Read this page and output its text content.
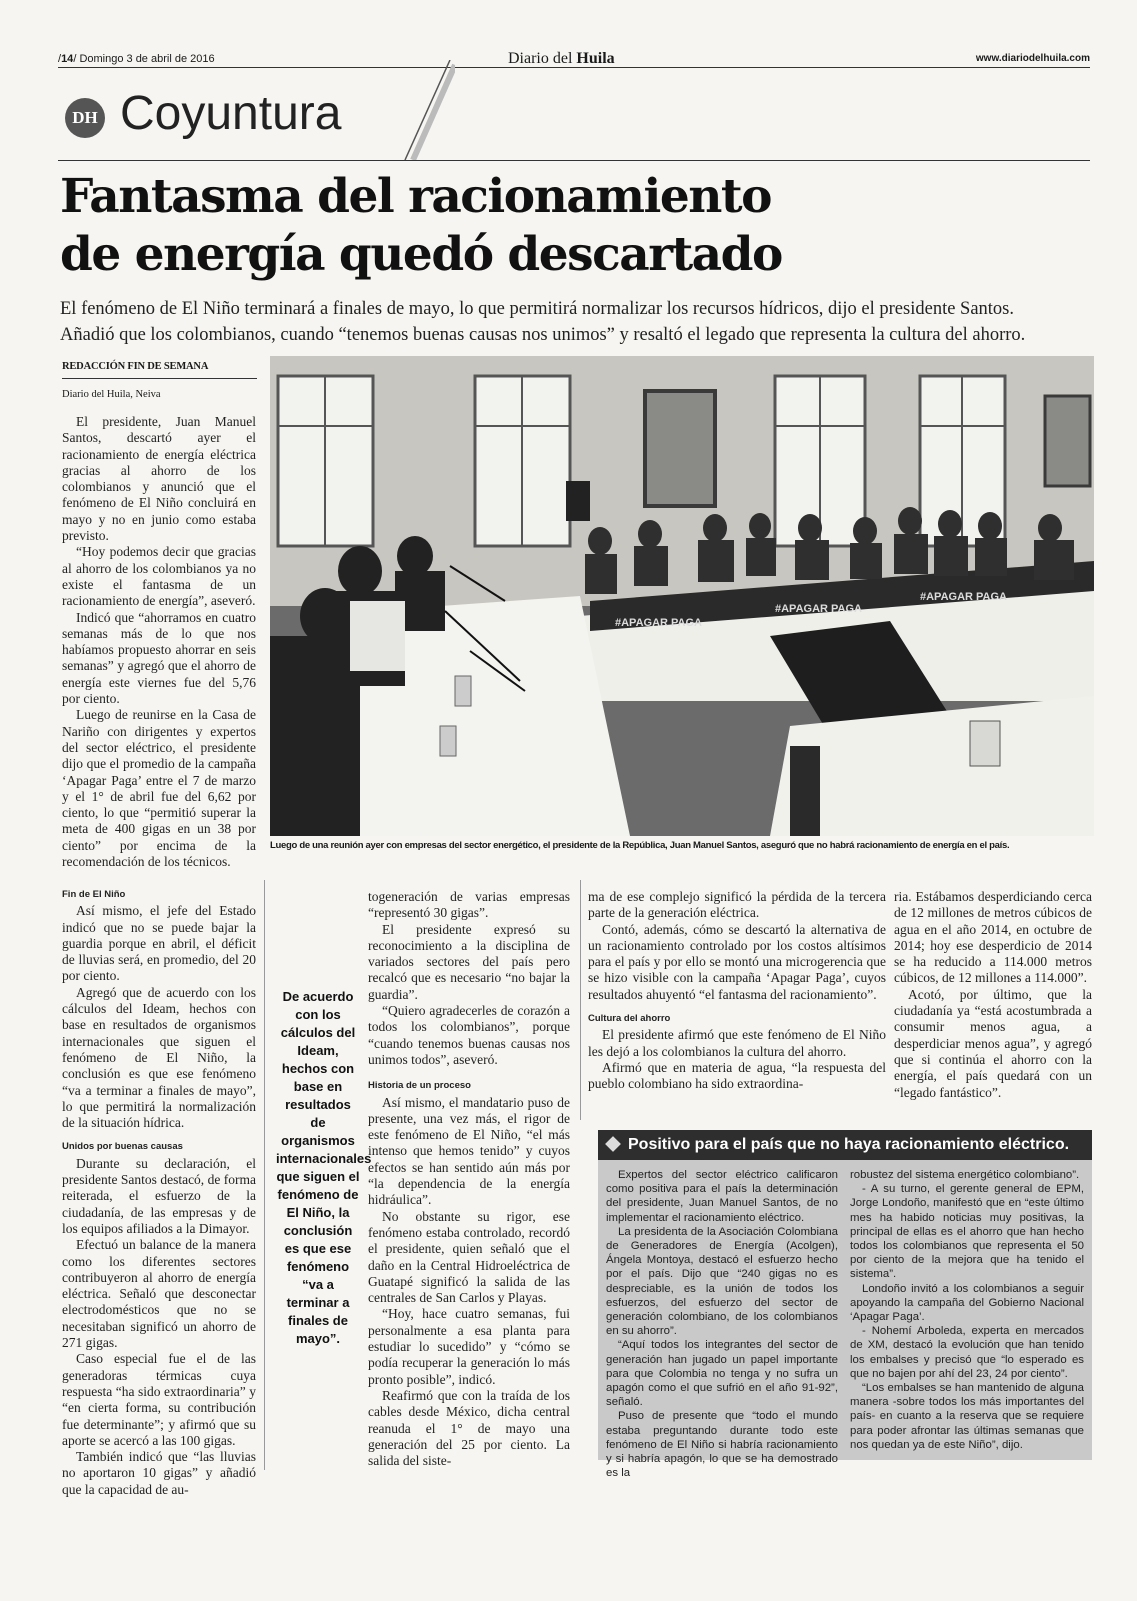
/14/ Domingo 3 de abril de 2016	Diario del Huila	www.diariodelhuila.com
DH Coyuntura
Fantasma del racionamiento
de energía quedó descartado
El fenómeno de El Niño terminará a finales de mayo, lo que permitirá normalizar los recursos hídricos, dijo el presidente Santos.
Añadió que los colombianos, cuando “tenemos buenas causas nos unimos” y resaltó el legado que representa la cultura del ahorro.
REDACCIÓN FIN DE SEMANA
Diario del Huila, Neiva

El presidente, Juan Manuel Santos, descartó ayer el racionamiento de energía eléctrica gracias al ahorro de los colombianos y anunció que el fenómeno de El Niño concluirá en mayo y no en junio como estaba previsto.

“Hoy podemos decir que gracias al ahorro de los colombianos ya no existe el fantasma de un racionamiento de energía”, aseveró.

Indicó que “ahorramos en cuatro semanas más de lo que nos habíamos propuesto ahorrar en seis semanas” y agregó que el ahorro de energía este viernes fue del 5,76 por ciento.

Luego de reunirse en la Casa de Nariño con dirigentes y expertos del sector eléctrico, el presidente dijo que el promedio de la campaña ‘Apagar Paga’ entre el 7 de marzo y el 1° de abril fue del 6,62 por ciento, lo que “permitió superar la meta de 400 gigas en un 38 por ciento” por encima de la recomendación de los técnicos.

Fin de El Niño

Así mismo, el jefe del Estado indicó que no se puede bajar la guardia porque en abril, el déficit de lluvias será, en promedio, del 20 por ciento.

Agregó que de acuerdo con los cálculos del Ideam, hechos con base en resultados de organismos internacionales que siguen el fenómeno de El Niño, la conclusión es que ese fenómeno “va a terminar a finales de mayo”, lo que permitirá la normalización de la situación hídrica.

Unidos por buenas causas

Durante su declaración, el presidente Santos destacó, de forma reiterada, el esfuerzo de la ciudadanía, de las empresas y de los equipos afiliados a la Dimayor.

Efectuó un balance de la manera como los diferentes sectores contribuyeron al ahorro de energía eléctrica. Señaló que desconectar electrodomésticos que no se necesitaban significó un ahorro de 271 gigas.

Caso especial fue el de las generadoras térmicas cuya respuesta “ha sido extraordinaria” y “en cierta forma, su contribución fue determinante”; y afirmó que su aporte se acercó a las 100 gigas.

También indicó que “las lluvias no aportaron 10 gigas” y añadió que la capacidad de au-

#APAGAR PAGA
#APAGAR PAGA
#APAGAR PAGA
Luego de una reunión ayer con empresas del sector energético, el presidente de la República, Juan Manuel Santos, aseguró que no habrá racionamiento de energía en el país.
De acuerdo con los cálculos del Ideam, hechos con base en resultados de organismos internacionales que siguen el fenómeno de El Niño, la conclusión es que ese fenómeno “va a terminar a finales de mayo”.

togeneración de varias empresas “representó 30 gigas”.

El presidente expresó su reconocimiento a la disciplina de variados sectores del país pero recalcó que es necesario “no bajar la guardia”.

“Quiero agradecerles de corazón a todos los colombianos”, porque “cuando tenemos buenas causas nos unimos todos”, aseveró.

Historia de un proceso

Así mismo, el mandatario puso de presente, una vez más, el rigor de este fenómeno de El Niño, “el más intenso que hemos tenido” y cuyos efectos se han sentido aún más por “la dependencia de la energía hidráulica”.

No obstante su rigor, ese fenómeno estaba controlado, recordó el presidente, quien señaló que el daño en la Central Hidroeléctrica de Guatapé significó la salida de las centrales de San Carlos y Playas.

“Hoy, hace cuatro semanas, fui personalmente a esa planta para estudiar lo sucedido” y “cómo se podía recuperar la generación lo más pronto posible”, indicó.

Reafirmó que con la traída de los cables desde México, dicha central reanuda el 1° de mayo una generación del 25 por ciento. La salida del siste-

ma de ese complejo significó la pérdida de la tercera parte de la generación eléctrica.

Contó, además, cómo se descartó la alternativa de un racionamiento controlado por los costos altísimos para el país y por ello se montó una microgerencia que se hizo visible con la campaña ‘Apagar Paga’, cuyos resultados ahuyentó “el fantasma del racionamiento”.

Cultura del ahorro

El presidente afirmó que este fenómeno de El Niño les dejó a los colombianos la cultura del ahorro.

Afirmó que en materia de agua, “la respuesta del pueblo colombiano ha sido extraordina-

ria. Estábamos desperdiciando cerca de 12 millones de metros cúbicos de agua en el año 2014, en octubre de 2014; hoy ese desperdicio de 2014 se ha reducido a 114.000 metros cúbicos, de 12 millones a 114.000”.

Acotó, por último, que la ciudadanía ya “está acostumbrada a consumir menos agua, a desperdiciar menos agua”, y agregó que si continúa el ahorro con la energía, el país quedará con un “legado fantástico”.

Positivo para el país que no haya racionamiento eléctrico.

Expertos del sector eléctrico calificaron como positiva para el país la determinación del presidente, Juan Manuel Santos, de no implementar el racionamiento eléctrico.

La presidenta de la Asociación Colombiana de Generadores de Energía (Acolgen), Ángela Montoya, destacó el esfuerzo hecho por el país. Dijo que “240 gigas no es despreciable, es la unión de todos los esfuerzos, del esfuerzo del sector de generación colombiano, de los colombianos en su ahorro”.

“Aquí todos los integrantes del sector de generación han jugado un papel importante para que Colombia no tenga y no sufra un apagón como el que sufrió en el año 91-92”, señaló.

Puso de presente que “todo el mundo estaba preguntando durante todo este fenómeno de El Niño si habría racionamiento y si habría apagón, lo que se ha demostrado es la

robustez del sistema energético colombiano”.

- A su turno, el gerente general de EPM, Jorge Londoño, manifestó que en “este último mes ha habido noticias muy positivas, la principal de ellas es el ahorro que han hecho todos los colombianos que representa el 50 por ciento de la mejora que ha tenido el sistema”.

Londoño invitó a los colombianos a seguir apoyando la campaña del Gobierno Nacional ‘Apagar Paga’.

- Nohemí Arboleda, experta en mercados de XM, destacó la evolución que han tenido los embalses y precisó que “lo esperado es que no bajen por ahí del 23, 24 por ciento”.

“Los embalses se han mantenido de alguna manera -sobre todos los más importantes del país- en cuanto a la reserva que se requiere para poder afrontar las últimas semanas que nos quedan ya de este Niño”, dijo.
